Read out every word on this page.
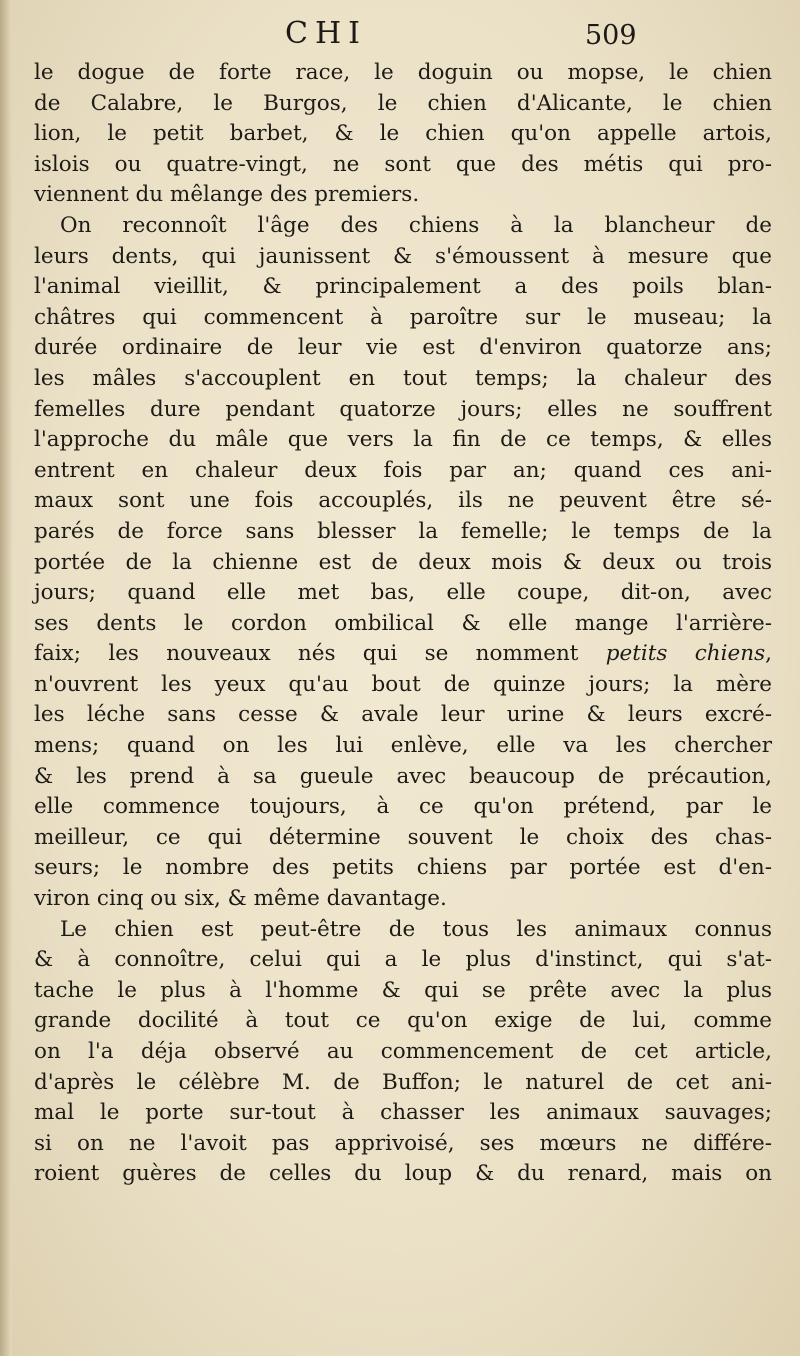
CHI	509
le dogue de forte race, le doguin ou mopse, le chien
de Calabre, le Burgos, le chien d'Alicante, le chien
lion, le petit barbet, & le chien qu'on appelle artois,
islois ou quatre-vingt, ne sont que des métis qui pro-
viennent du mêlange des premiers.
On reconnoît l'âge des chiens à la blancheur de
leurs dents, qui jaunissent & s'émoussent à mesure que
l'animal vieillit, & principalement a des poils blan-
châtres qui commencent à paroître sur le museau; la
durée ordinaire de leur vie est d'environ quatorze ans;
les mâles s'accouplent en tout temps; la chaleur des
femelles dure pendant quatorze jours; elles ne souffrent
l'approche du mâle que vers la fin de ce temps, & elles
entrent en chaleur deux fois par an; quand ces ani-
maux sont une fois accouplés, ils ne peuvent être sé-
parés de force sans blesser la femelle; le temps de la
portée de la chienne est de deux mois & deux ou trois
jours; quand elle met bas, elle coupe, dit-on, avec
ses dents le cordon ombilical & elle mange l'arrière-
faix; les nouveaux nés qui se nomment petits chiens,
n'ouvrent les yeux qu'au bout de quinze jours; la mère
les léche sans cesse & avale leur urine & leurs excré-
mens; quand on les lui enlève, elle va les chercher
& les prend à sa gueule avec beaucoup de précaution,
elle commence toujours, à ce qu'on prétend, par le
meilleur, ce qui détermine souvent le choix des chas-
seurs; le nombre des petits chiens par portée est d'en-
viron cinq ou six, & même davantage.
Le chien est peut-être de tous les animaux connus
& à connoître, celui qui a le plus d'instinct, qui s'at-
tache le plus à l'homme & qui se prête avec la plus
grande docilité à tout ce qu'on exige de lui, comme
on l'a déja observé au commencement de cet article,
d'après le célèbre M. de Buffon; le naturel de cet ani-
mal le porte sur-tout à chasser les animaux sauvages;
si on ne l'avoit pas apprivoisé, ses mœurs ne différe-
roient guères de celles du loup & du renard, mais on
